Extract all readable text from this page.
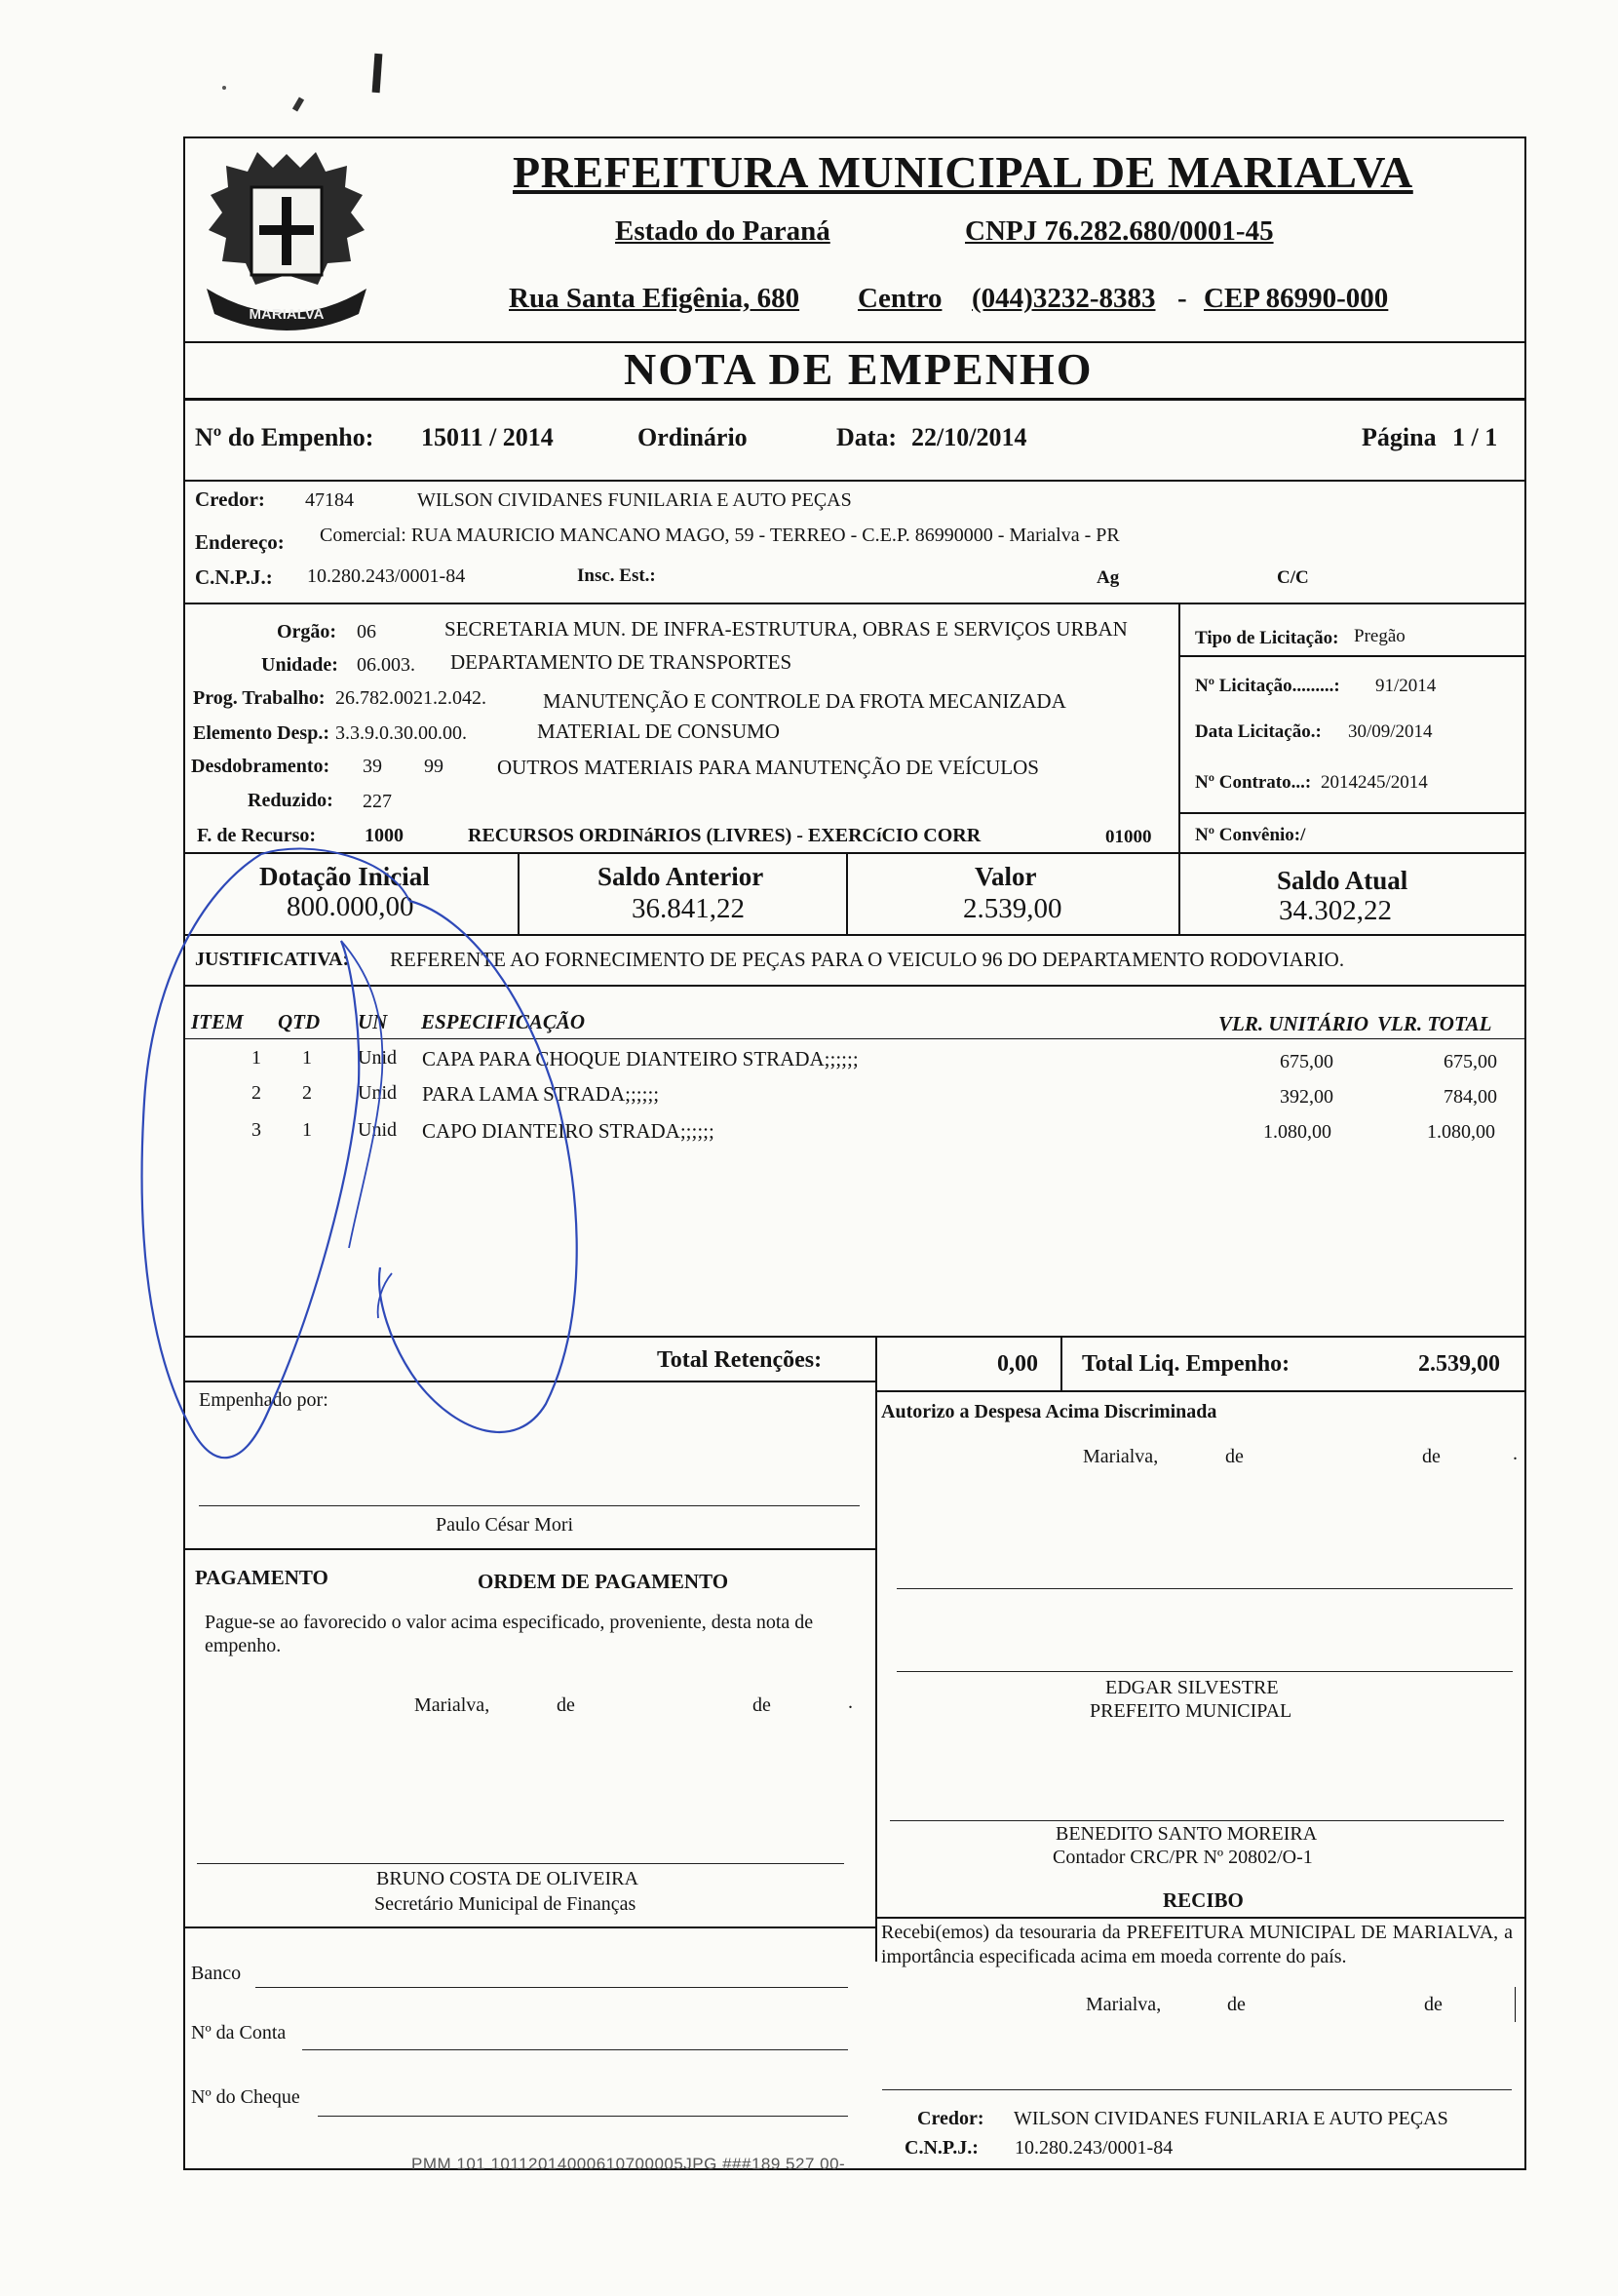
MARIALVA
PREFEITURA MUNICIPAL DE MARIALVA
Estado do Paraná	CNPJ 76.282.680/0001-45
Rua Santa Efigênia, 680 Centro (044)3232-8383 - CEP 86990-000
NOTA DE EMPENHO
Nº do Empenho: 15011 / 2014	Ordinário	Data: 22/10/2014	Página 1 / 1
Credor: 47184	WILSON CIVIDANES FUNILARIA E AUTO PEÇAS
Endereço: Comercial: RUA MAURICIO MANCANO MAGO, 59 - TERREO - C.E.P. 86990000 - Marialva - PR
C.N.P.J.: 10.280.243/0001-84	Insc. Est.:	Ag	C/C
Orgão: 06	SECRETARIA MUN. DE INFRA-ESTRUTURA, OBRAS E SERVIÇOS URBAN
Unidade: 06.003. DEPARTAMENTO DE TRANSPORTES
Prog. Trabalho: 26.782.0021.2.042.	MANUTENÇÃO E CONTROLE DA FROTA MECANIZADA
Elemento Desp.: 3.3.9.0.30.00.00.	MATERIAL DE CONSUMO
Desdobramento: 39 99	OUTROS MATERIAIS PARA MANUTENÇÃO DE VEÍCULOS
Reduzido: 227
F. de Recurso: 1000	RECURSOS ORDINáRIOS (LIVRES) - EXERCíCIO CORR	01000
Tipo de Licitação: Pregão
Nº Licitação.........: 91/2014
Data Licitação.: 30/09/2014
Nº Contrato...: 2014245/2014
Nº Convênio:/
Dotação Inicial
800.000,00
Saldo Anterior
36.841,22
Valor
2.539,00
Saldo Atual
34.302,22
JUSTIFICATIVA: REFERENTE AO FORNECIMENTO DE PEÇAS PARA O VEICULO 96 DO DEPARTAMENTO RODOVIARIO.
ITEM QTD UN ESPECIFICAÇÃO	VLR. UNITÁRIO VLR. TOTAL
1 1 Unid CAPA PARA CHOQUE DIANTEIRO STRADA;;;;;;	675,00	675,00
2 2 Unid PARA LAMA STRADA;;;;;;	392,00	784,00
3 1 Unid CAPO DIANTEIRO STRADA;;;;;;	1.080,00	1.080,00
Total Retenções:	0,00 Total Liq. Empenho:	2.539,00
Empenhado por:
Paulo César Mori
Autorizo a Despesa Acima Discriminada
Marialva,	de	de	.
PAGAMENTO	ORDEM DE PAGAMENTO
Pague-se ao favorecido o valor acima especificado, proveniente, desta nota de empenho.
Marialva,	de	de	.
BRUNO COSTA DE OLIVEIRA
Secretário Municipal de Finanças
Banco
Nº da Conta
Nº do Cheque
EDGAR SILVESTRE
PREFEITO MUNICIPAL
BENEDITO SANTO MOREIRA
Contador CRC/PR Nº 20802/O-1
RECIBO
Recebi(emos) da tesouraria da PREFEITURA MUNICIPAL DE MARIALVA, a importância especificada acima em moeda corrente do país.
Marialva,	de	de
Credor: WILSON CIVIDANES FUNILARIA E AUTO PEÇAS
C.N.P.J.: 10.280.243/0001-84
PMM 101 10112014000610700005JPG ###189 527 00-
